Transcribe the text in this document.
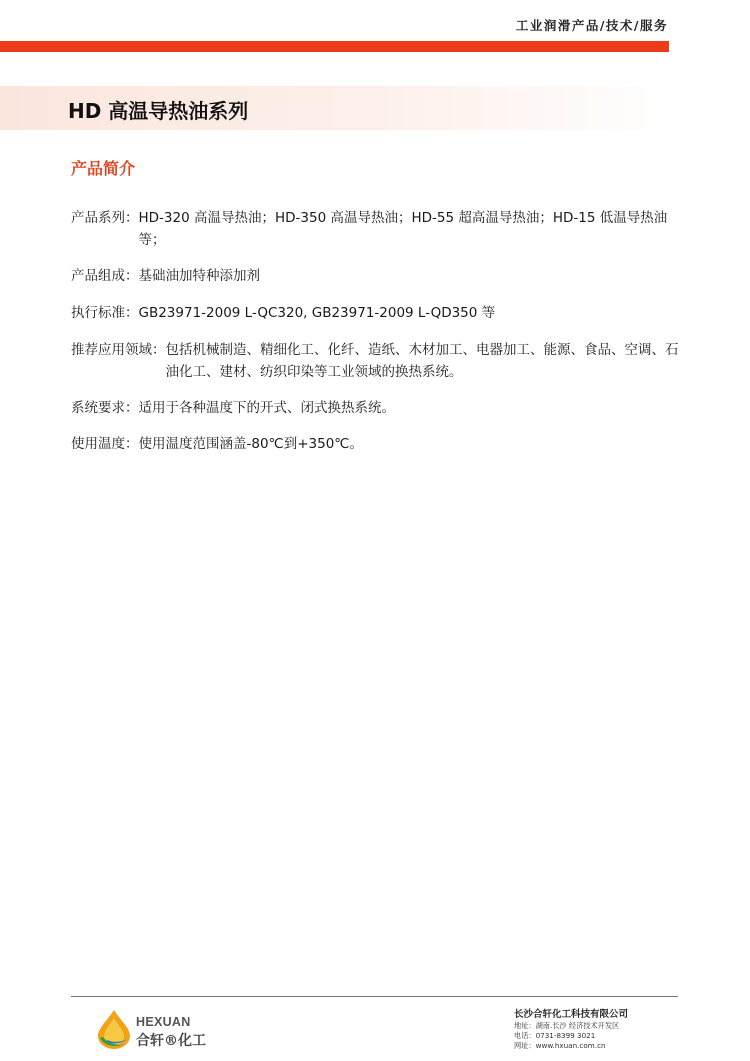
工业润滑产品/技术/服务
HD 高温导热油系列
产品简介
产品系列： HD-320 高温导热油；HD-350 高温导热油；HD-55 超高温导热油；HD-15 低温导热油等；
产品组成： 基础油加特种添加剂
执行标准： GB23971-2009 L-QC320, GB23971-2009 L-QD350 等
推荐应用领域： 包括机械制造、精细化工、化纤、造纸、木材加工、电器加工、能源、食品、空调、石油化工、建材、纺织印染等工业领域的换热系统。
系统要求： 适用于各种温度下的开式、闭式换热系统。
使用温度： 使用温度范围涵盖-80℃到+350℃。
HEXUAN
合轩®化工
长沙合轩化工科技有限公司
地址：湖南.长沙 经济技术开发区
电话：0731-8399 3021
网址：www.hxuan.com.cn
